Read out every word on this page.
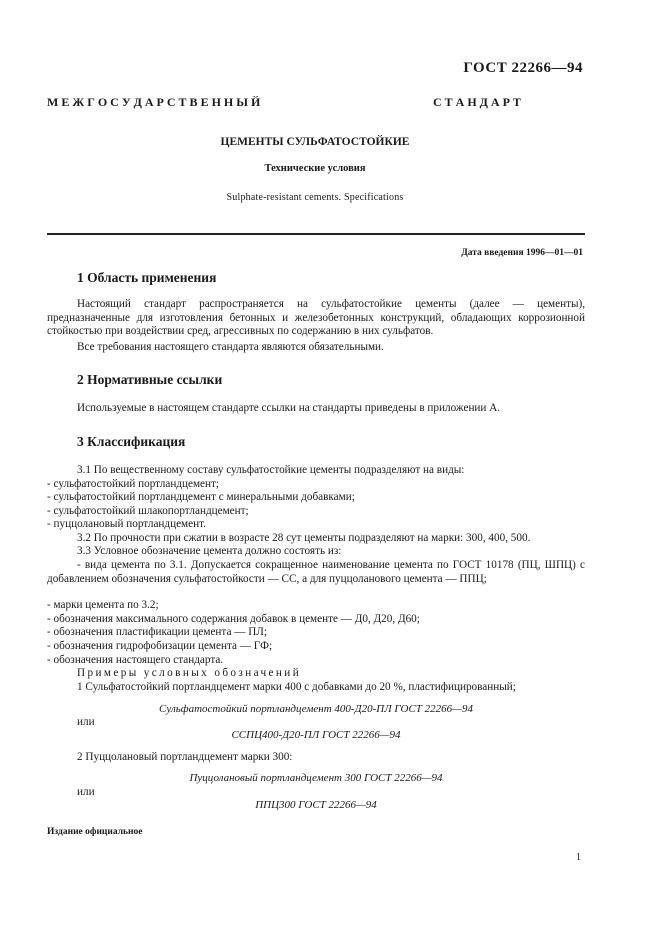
ГОСТ 22266—94
М Е Ж Г О С У Д А Р С Т В Е Н Н Ы Й	С Т А Н Д А Р Т
ЦЕМЕНТЫ СУЛЬФАТОСТОЙКИЕ
Технические условия
Sulphate-resistant cements. Specifications
Дата введения 1996—01—01
1 Область применения
Настоящий стандарт распространяется на сульфатостойкие цементы (далее — цементы), предназначенные для изготовления бетонных и железобетонных конструкций, обладающих коррозионной стойкостью при воздействии сред, агрессивных по содержанию в них сульфатов.
Все требования настоящего стандарта являются обязательными.
2 Нормативные ссылки
Используемые в настоящем стандарте ссылки на стандарты приведены в приложении А.
3 Классификация
3.1 По вещественному составу сульфатостойкие цементы подразделяют на виды:
- сульфатостойкий портландцемент;
- сульфатостойкий портландцемент с минеральными добавками;
- сульфатостойкий шлакопортландцемент;
- пуццолановый портландцемент.
3.2 По прочности при сжатии в возрасте 28 сут цементы подразделяют на марки: 300, 400, 500.
3.3 Условное обозначение цемента должно состоять из:
- вида цемента по 3.1. Допускается сокращенное наименование цемента по ГОСТ 10178 (ПЦ, ШПЦ) с добавлением обозначения сульфатостойкости — СС, а для пуццоланового цемента — ППЦ;
- марки цемента по 3.2;
- обозначения максимального содержания добавок в цементе — Д0, Д20, Д60;
- обозначения пластификации цемента — ПЛ;
- обозначения гидрофобизации цемента — ГФ;
- обозначения настоящего стандарта.
Примеры условных обозначений
1 Сульфатостойкий портландцемент марки 400 с добавками до 20 %, пластифицированный;
Сульфатостойкий портландцемент 400-Д20-ПЛ ГОСТ 22266—94
или
ССПЦ400-Д20-ПЛ ГОСТ 22266—94
2 Пуццолановый портландцемент марки 300:
Пуццолановый портландцемент 300 ГОСТ 22266—94
или
ППЦ300 ГОСТ 22266—94
Издание официальное
1
